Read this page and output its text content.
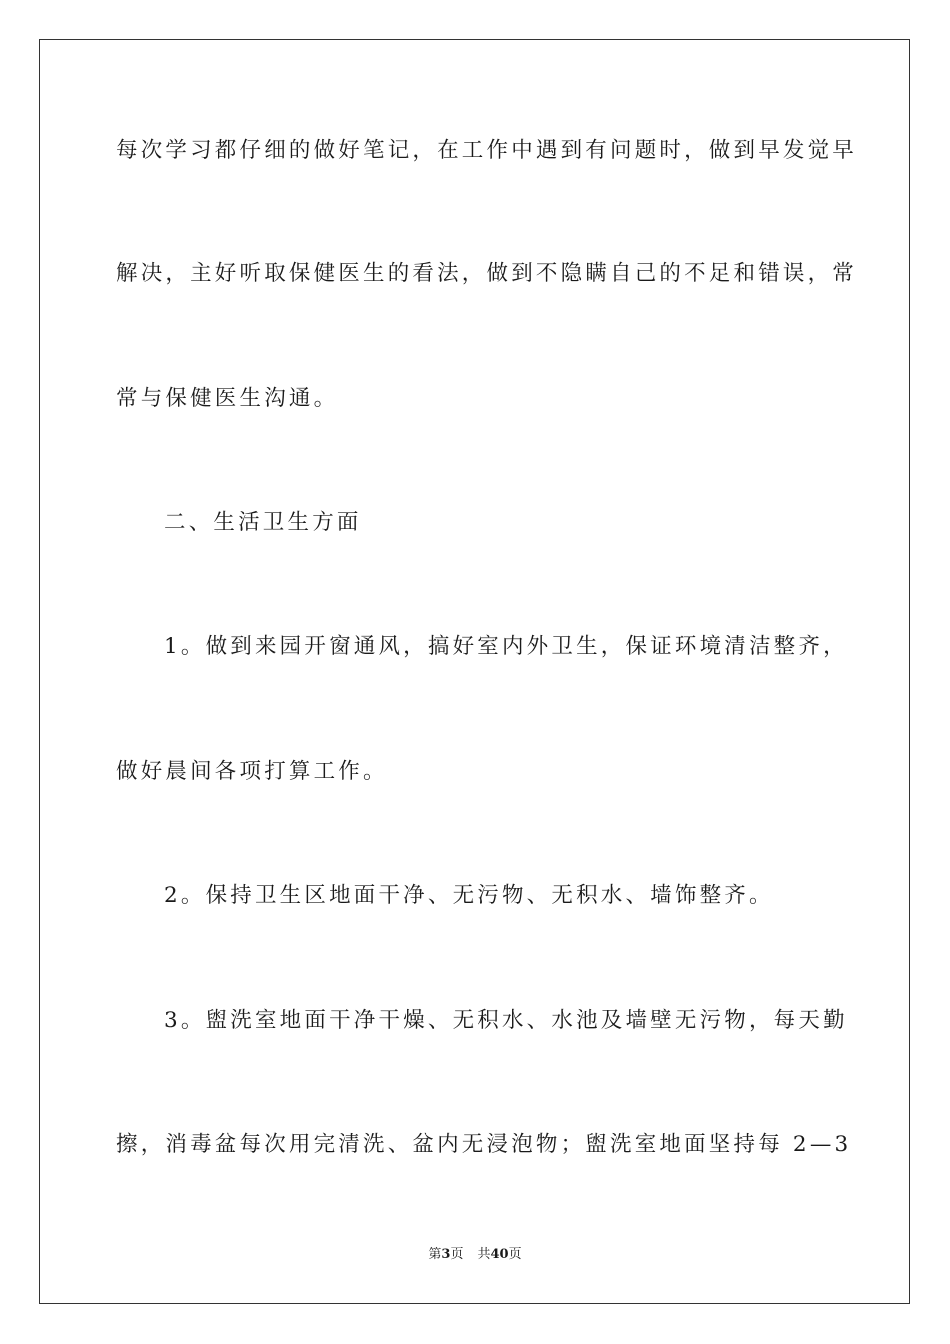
每次学习都仔细的做好笔记，在工作中遇到有问题时，做到早发觉早
解决，主好听取保健医生的看法，做到不隐瞒自己的不足和错误，常
常与保健医生沟通。
二、生活卫生方面
1。做到来园开窗通风，搞好室内外卫生，保证环境清洁整齐，
做好晨间各项打算工作。
2。保持卫生区地面干净、无污物、无积水、墙饰整齐。
3。盥洗室地面干净干燥、无积水、水池及墙壁无污物，每天勤
擦，消毒盆每次用完清洗、盆内无浸泡物；盥洗室地面坚持每 2—3
第3页 共40页
